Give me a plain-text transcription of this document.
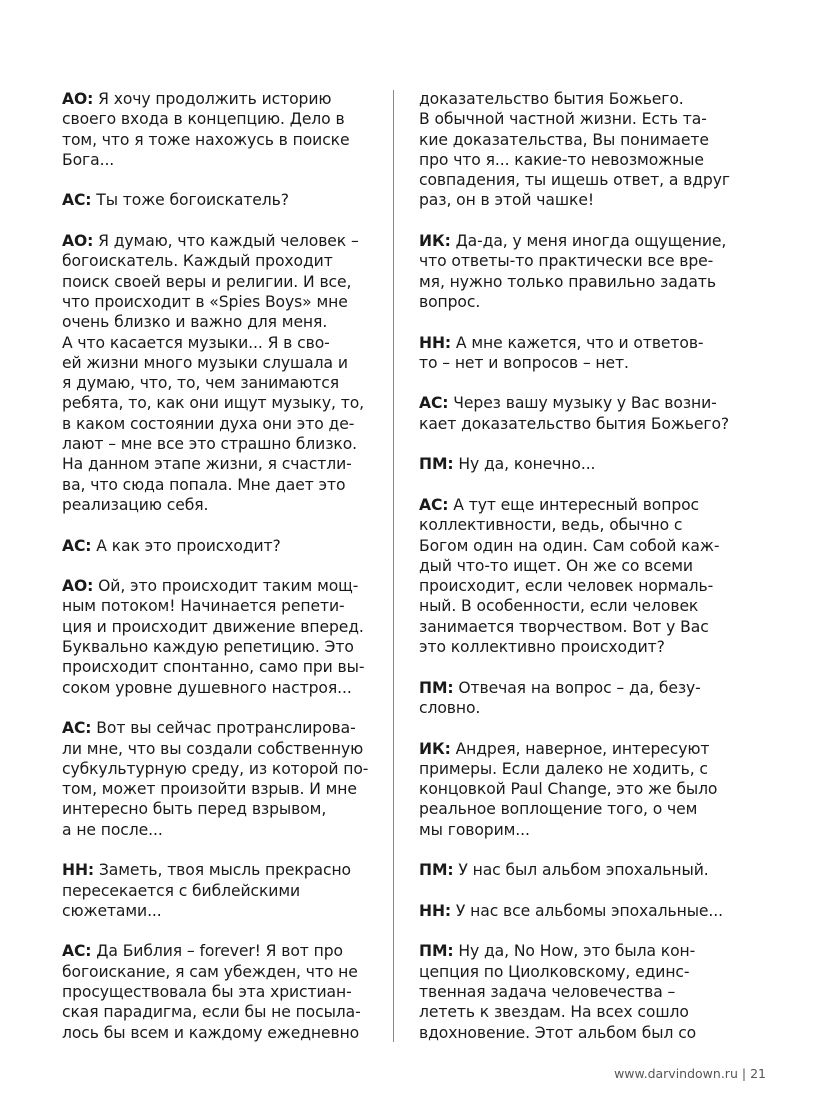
АО: Я хочу продолжить историю
своего входа в концепцию. Дело в
том, что я тоже нахожусь в поиске
Бога...
АС: Ты тоже богоискатель?
АО: Я думаю, что каждый человек –
богоискатель. Каждый проходит
поиск своей веры и религии. И все,
что происходит в «Spies Boys» мне
очень близко и важно для меня.
А что касается музыки... Я в сво-
ей жизни много музыки слушала и
я думаю, что, то, чем занимаются
ребята, то, как они ищут музыку, то,
в каком состоянии духа они это де-
лают – мне все это страшно близко.
На данном этапе жизни, я счастли-
ва, что сюда попала. Мне дает это
реализацию себя.
АС: А как это происходит?
АО: Ой, это происходит таким мощ-
ным потоком! Начинается репети-
ция и происходит движение вперед.
Буквально каждую репетицию. Это
происходит спонтанно, само при вы-
соком уровне душевного настроя...
АС: Вот вы сейчас протранслирова-
ли мне, что вы создали собственную
субкультурную среду, из которой по-
том, может произойти взрыв. И мне
интересно быть перед взрывом,
а не после...
НН: Заметь, твоя мысль прекрасно
пересекается с библейскими
сюжетами...
АС: Да Библия – forever! Я вот про
богоискание, я сам убежден, что не
просуществовала бы эта христиан-
ская парадигма, если бы не посыла-
лось бы всем и каждому ежедневно
доказательство бытия Божьего.
В обычной частной жизни. Есть та-
кие доказательства, Вы понимаете
про что я... какие-то невозможные
совпадения, ты ищешь ответ, а вдруг
раз, он в этой чашке!
ИК: Да-да, у меня иногда ощущение,
что ответы-то практически все вре-
мя, нужно только правильно задать
вопрос.
НН: А мне кажется, что и ответов-
то – нет и вопросов – нет.
АС: Через вашу музыку у Вас возни-
кает доказательство бытия Божьего?
ПМ: Ну да, конечно...
АС: А тут еще интересный вопрос
коллективности, ведь, обычно с
Богом один на один. Сам собой каж-
дый что-то ищет. Он же со всеми
происходит, если человек нормаль-
ный. В особенности, если человек
занимается творчеством. Вот у Вас
это коллективно происходит?
ПМ: Отвечая на вопрос – да, безу-
словно.
ИК: Андрея, наверное, интересуют
примеры. Если далеко не ходить, с
концовкой Paul Change, это же было
реальное воплощение того, о чем
мы говорим...
ПМ: У нас был альбом эпохальный.
НН: У нас все альбомы эпохальные...
ПМ: Ну да, No How, это была кон-
цепция по Циолковскому, единс-
твенная задача человечества –
лететь к звездам. На всех сошло
вдохновение. Этот альбом был со
www.darvindown.ru | 21
